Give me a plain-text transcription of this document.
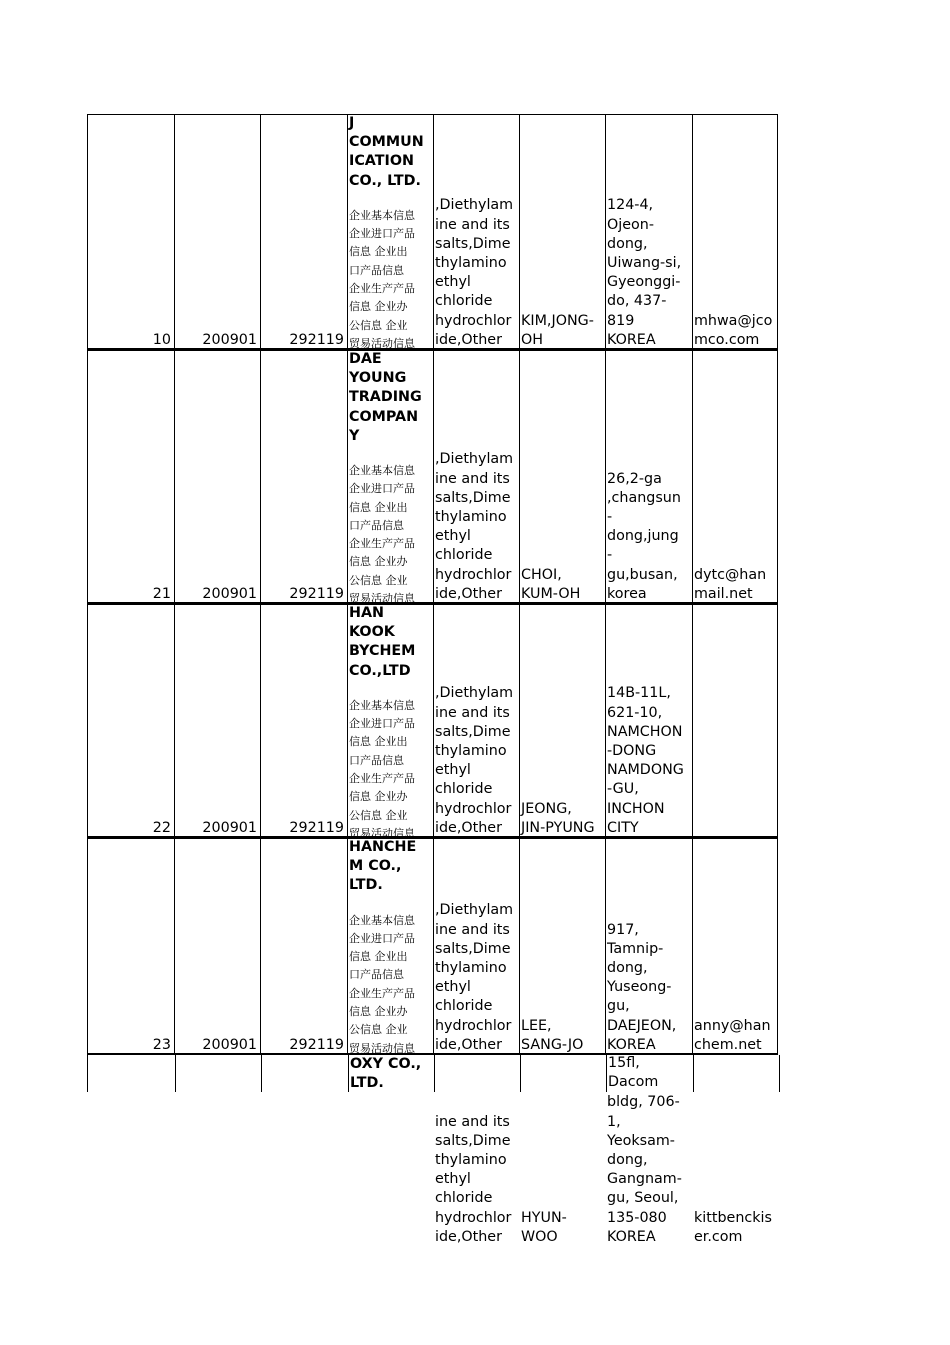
10 200901 292119
J
COMMUN
ICATION
CO., LTD.
企业基本信息
企业进口产品
信息 企业出
口产品信息
企业生产产品
信息 企业办
公信息 企业
贸易活动信息
,Diethylam
ine and its
salts,Dime
thylamino
ethyl
chloride
hydrochlor
ide,Other
KIM,JONG-
OH
124-4,
Ojeon-
dong,
Uiwang-si,
Gyeonggi-
do, 437-
819
KOREA
mhwa@jco
mco.com
21 200901 292119
DAE
YOUNG
TRADING
COMPAN
Y
企业基本信息
企业进口产品
信息 企业出
口产品信息
企业生产产品
信息 企业办
公信息 企业
贸易活动信息
,Diethylam
ine and its
salts,Dime
thylamino
ethyl
chloride
hydrochlor
ide,Other
CHOI,
KUM-OH
26,2-ga
,changsun
-
dong,jung
-
gu,busan,
korea
dytc@han
mail.net
22 200901 292119
HAN
KOOK
BYCHEM
CO.,LTD
企业基本信息
企业进口产品
信息 企业出
口产品信息
企业生产产品
信息 企业办
公信息 企业
贸易活动信息
,Diethylam
ine and its
salts,Dime
thylamino
ethyl
chloride
hydrochlor
ide,Other
JEONG,
JIN-PYUNG
14B-11L,
621-10,
NAMCHON
-DONG
NAMDONG
-GU,
INCHON
CITY
23 200901 292119
HANCHE
M CO.,
LTD.
企业基本信息
企业进口产品
信息 企业出
口产品信息
企业生产产品
信息 企业办
公信息 企业
贸易活动信息
,Diethylam
ine and its
salts,Dime
thylamino
ethyl
chloride
hydrochlor
ide,Other
LEE,
SANG-JO
917,
Tamnip-
dong,
Yuseong-
gu,
DAEJEON,
KOREA
anny@han
chem.net
OXY CO.,
LTD.
15fl,
Dacom
ine and its
salts,Dime
thylamino
ethyl
chloride
hydrochlor
ide,Other
HYUN-
WOO
bldg, 706-
1,
Yeoksam-
dong,
Gangnam-
gu, Seoul,
135-080
KOREA
kittbenckis
er.com
